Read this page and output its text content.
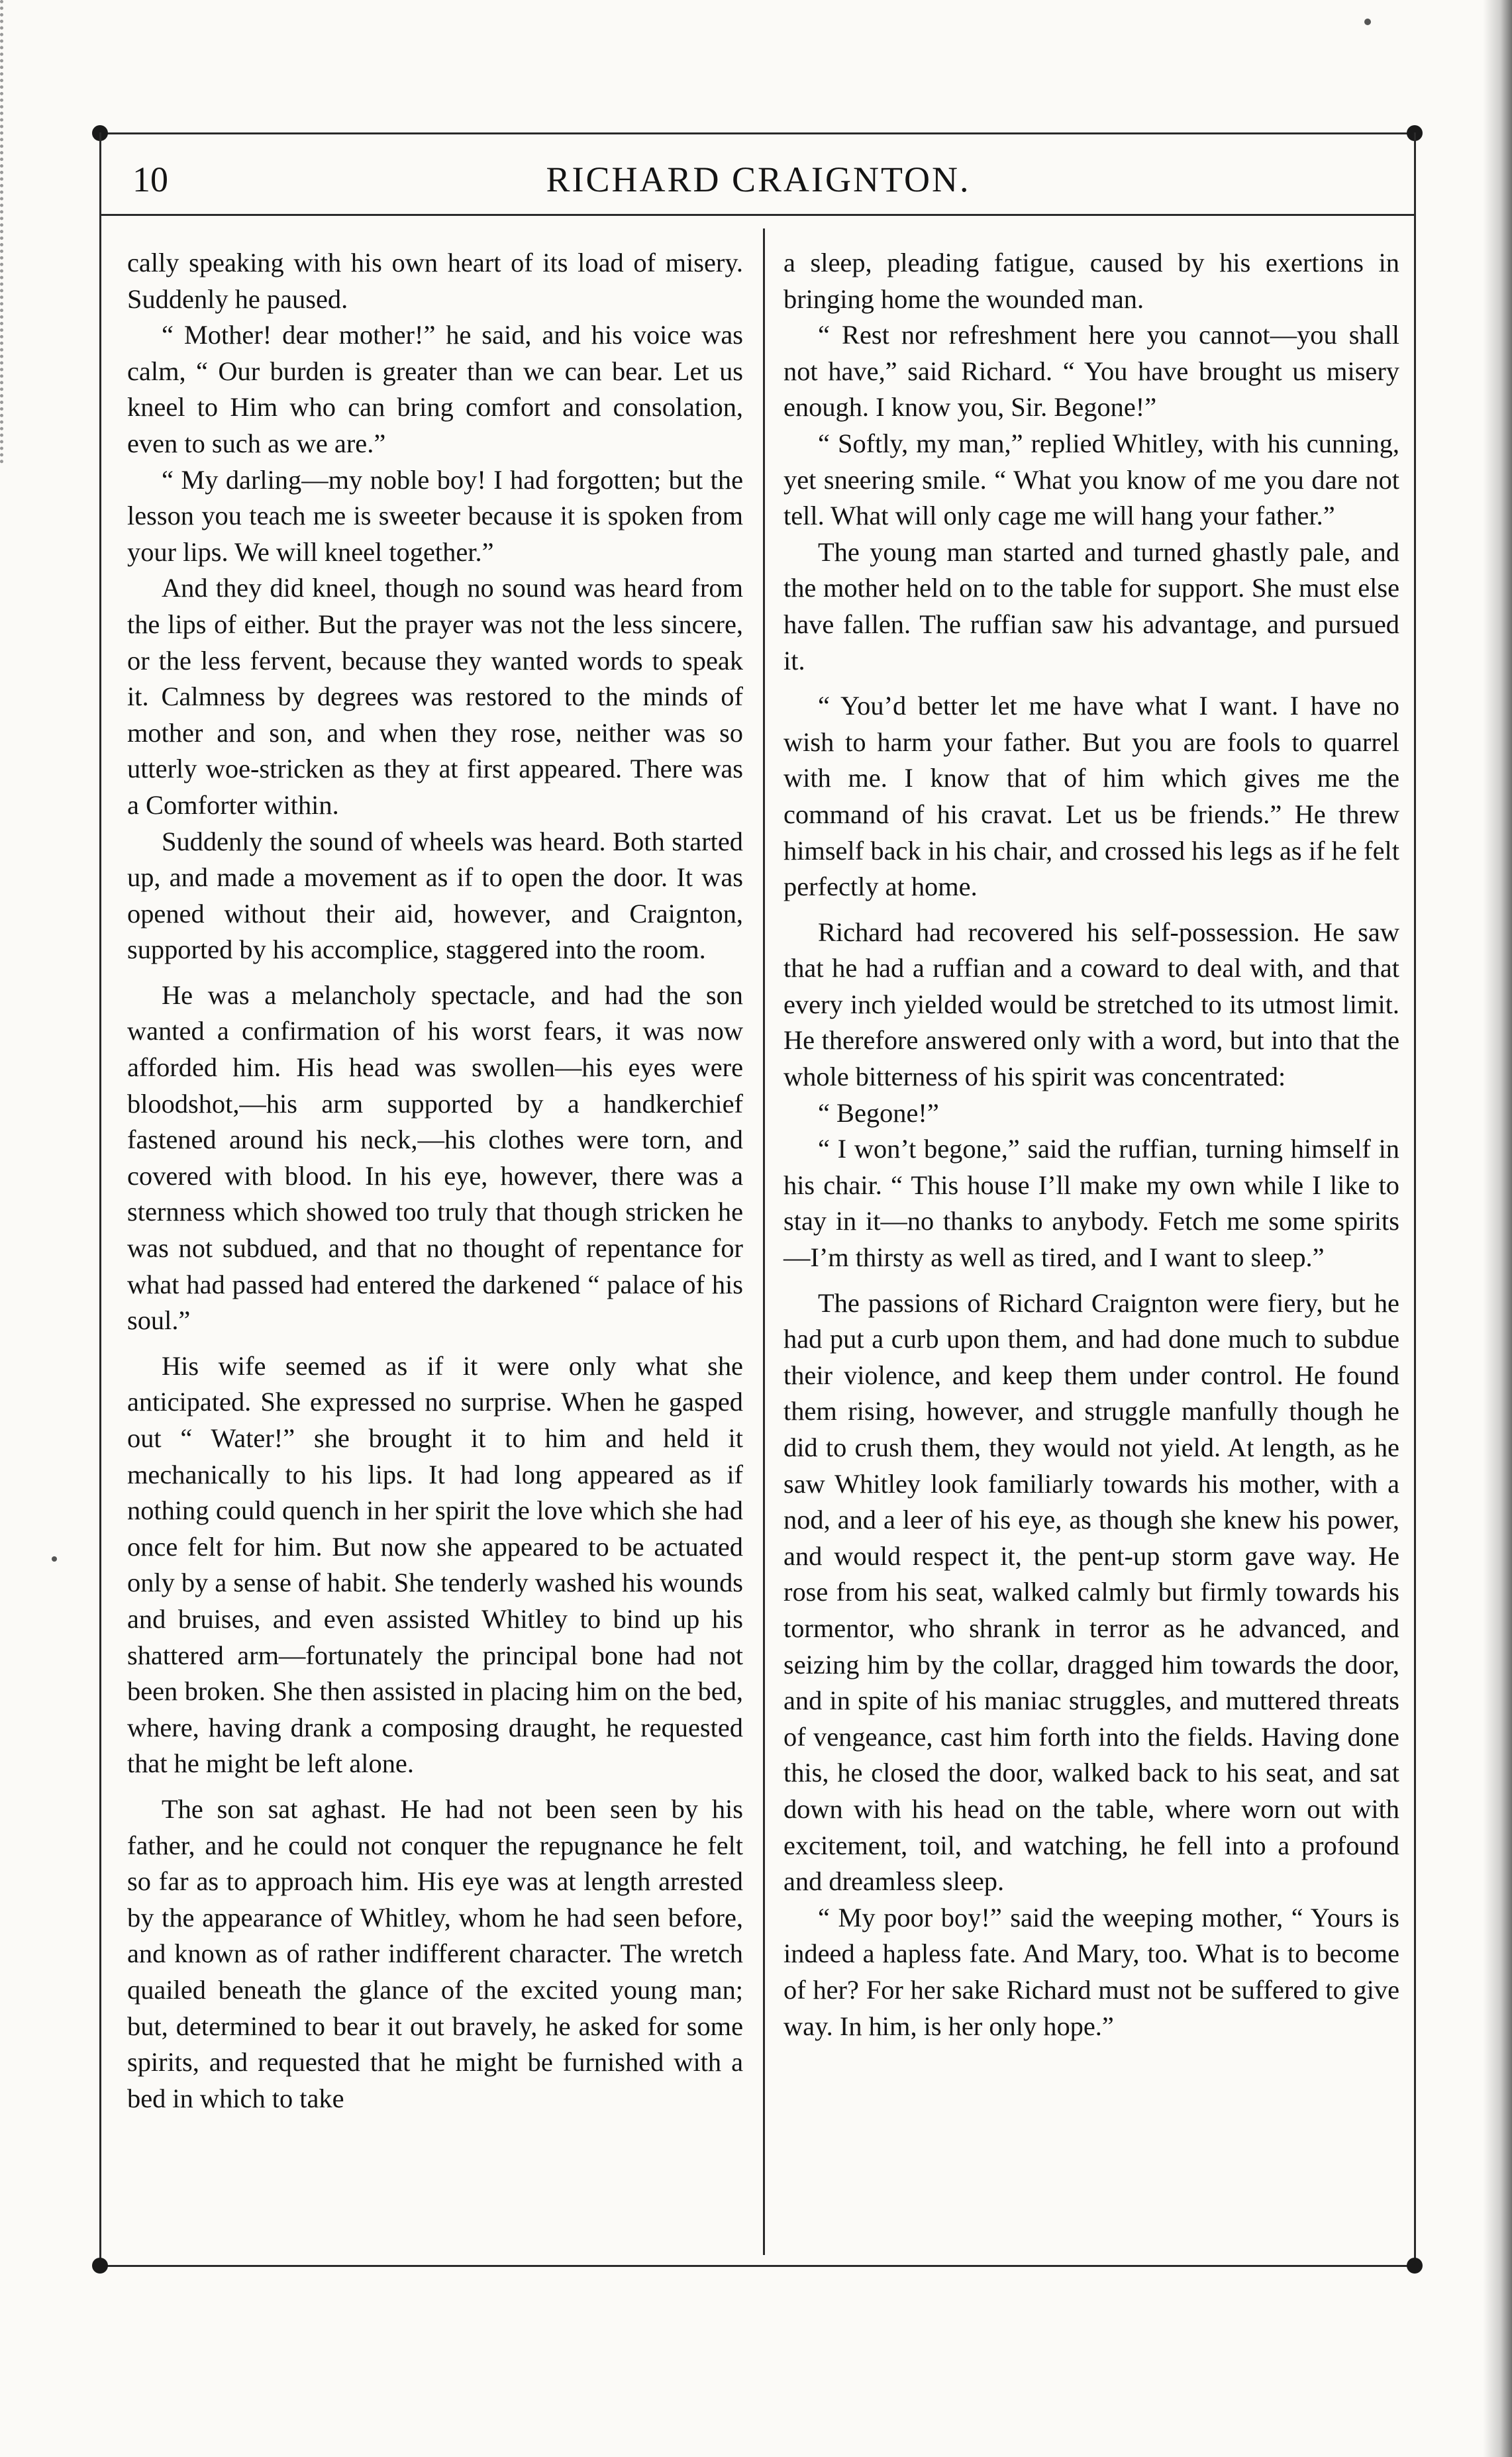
10	RICHARD CRAIGNTON.

cally speaking with his own heart of its load of misery. Suddenly he paused.

“ Mother! dear mother!” he said, and his voice was calm, “ Our burden is greater than we can bear. Let us kneel to Him who can bring comfort and consolation, even to such as we are.”

“ My darling—my noble boy! I had forgotten; but the lesson you teach me is sweeter because it is spoken from your lips. We will kneel together.”

And they did kneel, though no sound was heard from the lips of either. But the prayer was not the less sincere, or the less fervent, because they wanted words to speak it. Calmness by degrees was restored to the minds of mother and son, and when they rose, neither was so utterly woe-stricken as they at first appeared. There was a Comforter within.

Suddenly the sound of wheels was heard. Both started up, and made a movement as if to open the door. It was opened without their aid, however, and Craignton, supported by his accomplice, staggered into the room.

He was a melancholy spectacle, and had the son wanted a confirmation of his worst fears, it was now afforded him. His head was swollen—his eyes were bloodshot,—his arm supported by a handkerchief fastened around his neck,—his clothes were torn, and covered with blood. In his eye, however, there was a sternness which showed too truly that though stricken he was not subdued, and that no thought of repentance for what had passed had entered the darkened “ palace of his soul.”

His wife seemed as if it were only what she anticipated. She expressed no surprise. When he gasped out “ Water!” she brought it to him and held it mechanically to his lips. It had long appeared as if nothing could quench in her spirit the love which she had once felt for him. But now she appeared to be actuated only by a sense of habit. She tenderly washed his wounds and bruises, and even assisted Whitley to bind up his shattered arm—fortunately the principal bone had not been broken. She then assisted in placing him on the bed, where, having drank a composing draught, he requested that he might be left alone.

The son sat aghast. He had not been seen by his father, and he could not conquer the repugnance he felt so far as to approach him. His eye was at length arrested by the appearance of Whitley, whom he had seen before, and known as of rather indifferent character. The wretch quailed beneath the glance of the excited young man; but, determined to bear it out bravely, he asked for some spirits, and requested that he might be furnished with a bed in which to take

a sleep, pleading fatigue, caused by his exertions in bringing home the wounded man.

“ Rest nor refreshment here you cannot—you shall not have,” said Richard. “ You have brought us misery enough. I know you, Sir. Begone!”

“ Softly, my man,” replied Whitley, with his cunning, yet sneering smile. “ What you know of me you dare not tell. What will only cage me will hang your father.”

The young man started and turned ghastly pale, and the mother held on to the table for support. She must else have fallen. The ruffian saw his advantage, and pursued it.

“ You’d better let me have what I want. I have no wish to harm your father. But you are fools to quarrel with me. I know that of him which gives me the command of his cravat. Let us be friends.” He threw himself back in his chair, and crossed his legs as if he felt perfectly at home.

Richard had recovered his self-possession. He saw that he had a ruffian and a coward to deal with, and that every inch yielded would be stretched to its utmost limit. He therefore answered only with a word, but into that the whole bitterness of his spirit was concentrated:

“ Begone!”

“ I won’t begone,” said the ruffian, turning himself in his chair. “ This house I’ll make my own while I like to stay in it—no thanks to anybody. Fetch me some spirits—I’m thirsty as well as tired, and I want to sleep.”

The passions of Richard Craignton were fiery, but he had put a curb upon them, and had done much to subdue their violence, and keep them under control. He found them rising, however, and struggle manfully though he did to crush them, they would not yield. At length, as he saw Whitley look familiarly towards his mother, with a nod, and a leer of his eye, as though she knew his power, and would respect it, the pent-up storm gave way. He rose from his seat, walked calmly but firmly towards his tormentor, who shrank in terror as he advanced, and seizing him by the collar, dragged him towards the door, and in spite of his maniac struggles, and muttered threats of vengeance, cast him forth into the fields. Having done this, he closed the door, walked back to his seat, and sat down with his head on the table, where worn out with excitement, toil, and watching, he fell into a profound and dreamless sleep.

“ My poor boy!” said the weeping mother, “ Yours is indeed a hapless fate. And Mary, too. What is to become of her? For her sake Richard must not be suffered to give way. In him, is her only hope.”
